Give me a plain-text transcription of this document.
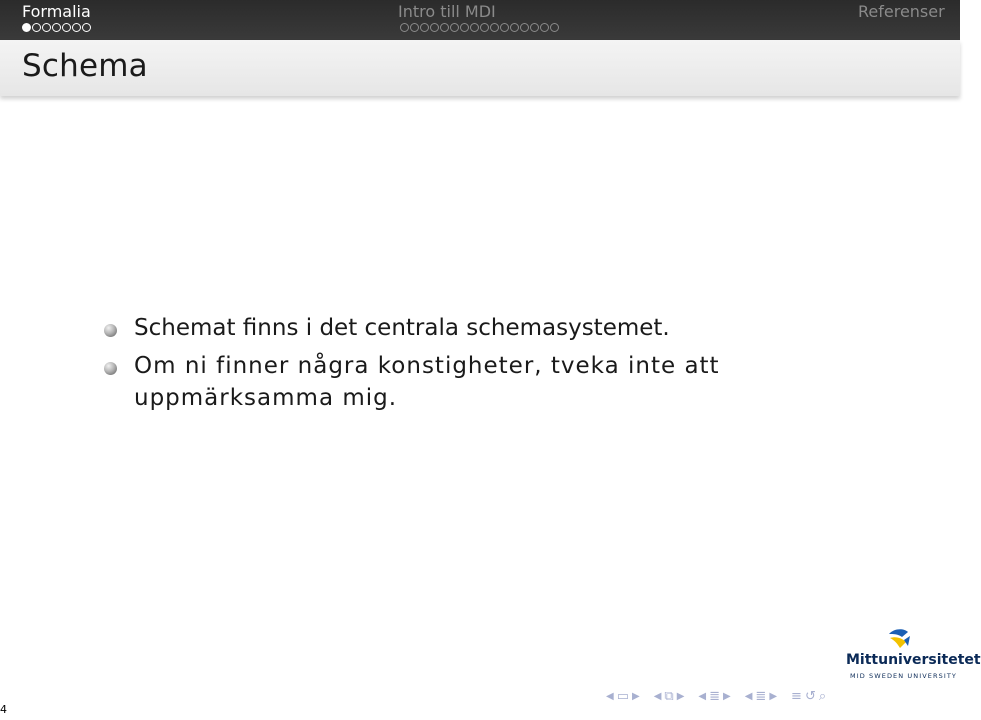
Formalia	Intro till MDI	Referenser
Schema
Schemat finns i det centrala schemasystemet.
Om ni finner några konstigheter, tveka inte att uppmärksamma mig.
4
Mittuniversitetet
MID SWEDEN UNIVERSITY
◀ ▭ ▶ ◀ ⧉ ▶ ◀ ≣ ▶ ◀ ≣ ▶ ≡ ↺ ⌕
